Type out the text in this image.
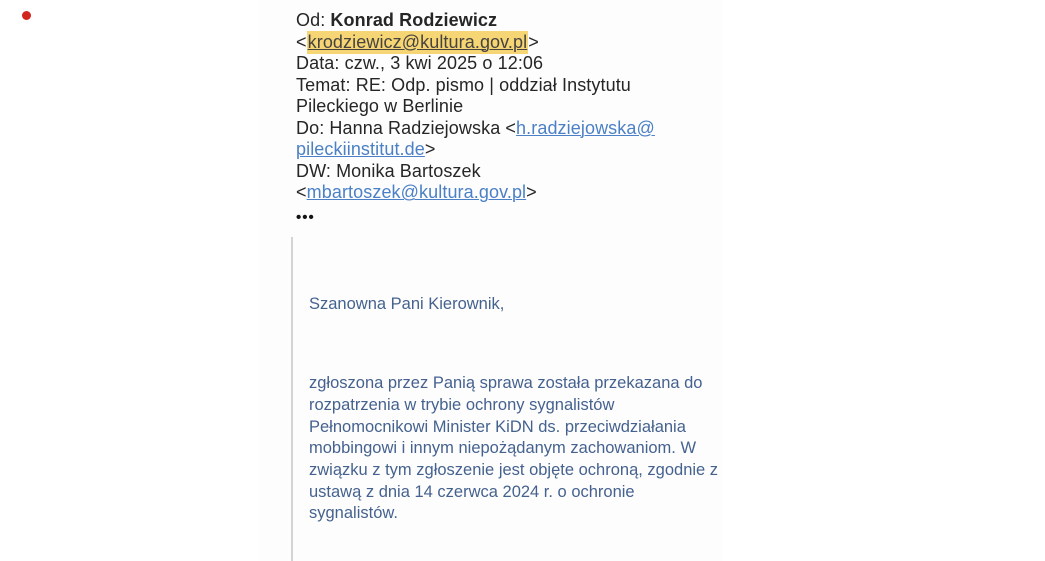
Od: Konrad Rodziewicz
<krodziewicz@kultura.gov.pl>
Data: czw., 3 kwi 2025 o 12:06
Temat: RE: Odp. pismo | oddział Instytutu
Pileckiego w Berlinie
Do: Hanna Radziejowska <h.radziejowska@
pileckiinstitut.de>
DW: Monika Bartoszek
<mbartoszek@kultura.gov.pl>
•••
Szanowna Pani Kierownik,
zgłoszona przez Panią sprawa została przekazana do
rozpatrzenia w trybie ochrony sygnalistów
Pełnomocnikowi Minister KiDN ds. przeciwdziałania
mobbingowi i innym niepożądanym zachowaniom. W
związku z tym zgłoszenie jest objęte ochroną, zgodnie z
ustawą z dnia 14 czerwca 2024 r. o ochronie
sygnalistów.
